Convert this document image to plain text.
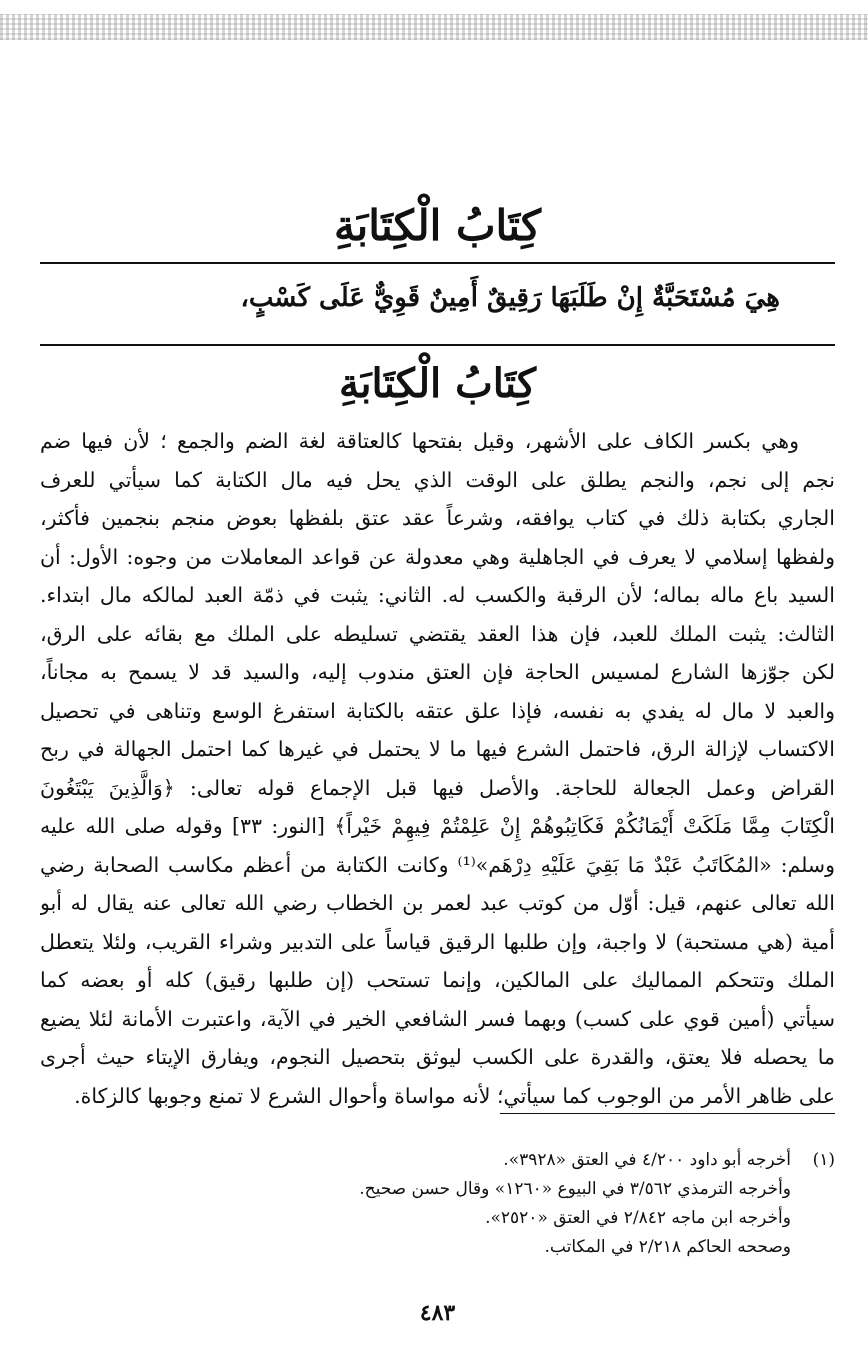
كِتَابُ الْكِتَابَةِ
هِيَ مُسْتَحَبَّةٌ إِنْ طَلَبَهَا رَقِيقٌ أَمِينٌ قَوِيٌّ عَلَى كَسْبٍ،
كِتَابُ الْكِتَابَةِ
وهي بكسر الكاف على الأشهر، وقيل بفتحها كالعتاقة لغة الضم والجمع ؛ لأن فيها ضم
نجم إلى نجم، والنجم يطلق على الوقت الذي يحل فيه مال الكتابة كما سيأتي للعرف
الجاري بكتابة ذلك في كتاب يوافقه، وشرعاً عقد عتق بلفظها بعوض منجم بنجمين فأكثر،
ولفظها إسلامي لا يعرف في الجاهلية وهي معدولة عن قواعد المعاملات من وجوه: الأول: أن
السيد باع ماله بماله؛ لأن الرقبة والكسب له. الثاني: يثبت في ذمّة العبد لمالكه مال ابتداء.
الثالث: يثبت الملك للعبد، فإن هذا العقد يقتضي تسليطه على الملك مع بقائه على الرق،
لكن جوّزها الشارع لمسيس الحاجة فإن العتق مندوب إليه، والسيد قد لا يسمح به مجاناً،
والعبد لا مال له يفدي به نفسه، فإذا علق عتقه بالكتابة استفرغ الوسع وتناهى في تحصيل
الاكتساب لإزالة الرق، فاحتمل الشرع فيها ما لا يحتمل في غيرها كما احتمل الجهالة في ربح
القراض وعمل الجعالة للحاجة. والأصل فيها قبل الإجماع قوله تعالى: ﴿وَالَّذِينَ يَبْتَغُونَ
الْكِتَابَ مِمَّا مَلَكَتْ أَيْمَانُكُمْ فَكَاتِبُوهُمْ إِنْ عَلِمْتُمْ فِيهِمْ خَيْراً﴾ [النور: ٣٣] وقوله صلى الله عليه
وسلم: «المُكَاتَبُ عَبْدٌ مَا بَقِيَ عَلَيْهِ دِرْهَم»⁽¹⁾ وكانت الكتابة من أعظم مكاسب الصحابة رضي
الله تعالى عنهم، قيل: أوّل من كوتب عبد لعمر بن الخطاب رضي الله تعالى عنه يقال له أبو
أمية (هي مستحبة) لا واجبة، وإن طلبها الرقيق قياساً على التدبير وشراء القريب، ولئلا يتعطل
الملك وتتحكم المماليك على المالكين، وإنما تستحب (إن طلبها رقيق) كله أو بعضه كما
سيأتي (أمين قوي على كسب) وبهما فسر الشافعي الخير في الآية، واعتبرت الأمانة لئلا يضيع
ما يحصله فلا يعتق، والقدرة على الكسب ليوثق بتحصيل النجوم، ويفارق الإيتاء حيث أجرى
على ظاهر الأمر من الوجوب كما سيأتي؛ لأنه مواساة وأحوال الشرع لا تمنع وجوبها كالزكاة.
(١)
أخرجه أبو داود ٤/٢٠٠ في العتق «٣٩٢٨».
وأخرجه الترمذي ٣/٥٦٢ في البيوع «١٢٦٠» وقال حسن صحيح.
وأخرجه ابن ماجه ٢/٨٤٢ في العتق «٢٥٢٠».
وصححه الحاكم ٢/٢١٨ في المكاتب.
٤٨٣
